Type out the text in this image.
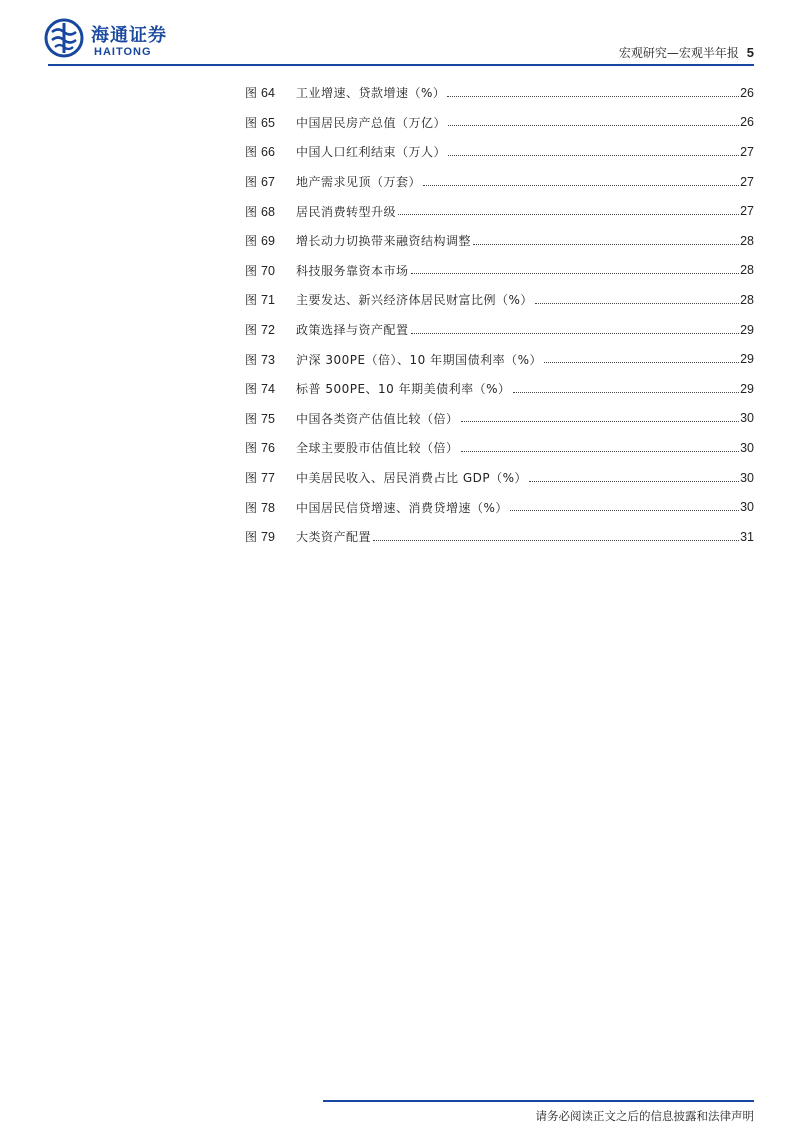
海通证券
HAITONG	宏观研究—宏观半年报 5
图 64	工业增速、贷款增速（%）	26
图 65	中国居民房产总值（万亿）	26
图 66	中国人口红利结束（万人）	27
图 67	地产需求见顶（万套）	27
图 68	居民消费转型升级	27
图 69	增长动力切换带来融资结构调整	28
图 70	科技服务靠资本市场	28
图 71	主要发达、新兴经济体居民财富比例（%）	28
图 72	政策选择与资产配置	29
图 73	沪深 300PE（倍）、10 年期国债利率（%）	29
图 74	标普 500PE、10 年期美债利率（%）	29
图 75	中国各类资产估值比较（倍）	30
图 76	全球主要股市估值比较（倍）	30
图 77	中美居民收入、居民消费占比 GDP（%）	30
图 78	中国居民信贷增速、消费贷增速（%）	30
图 79	大类资产配置	31
请务必阅读正文之后的信息披露和法律声明
